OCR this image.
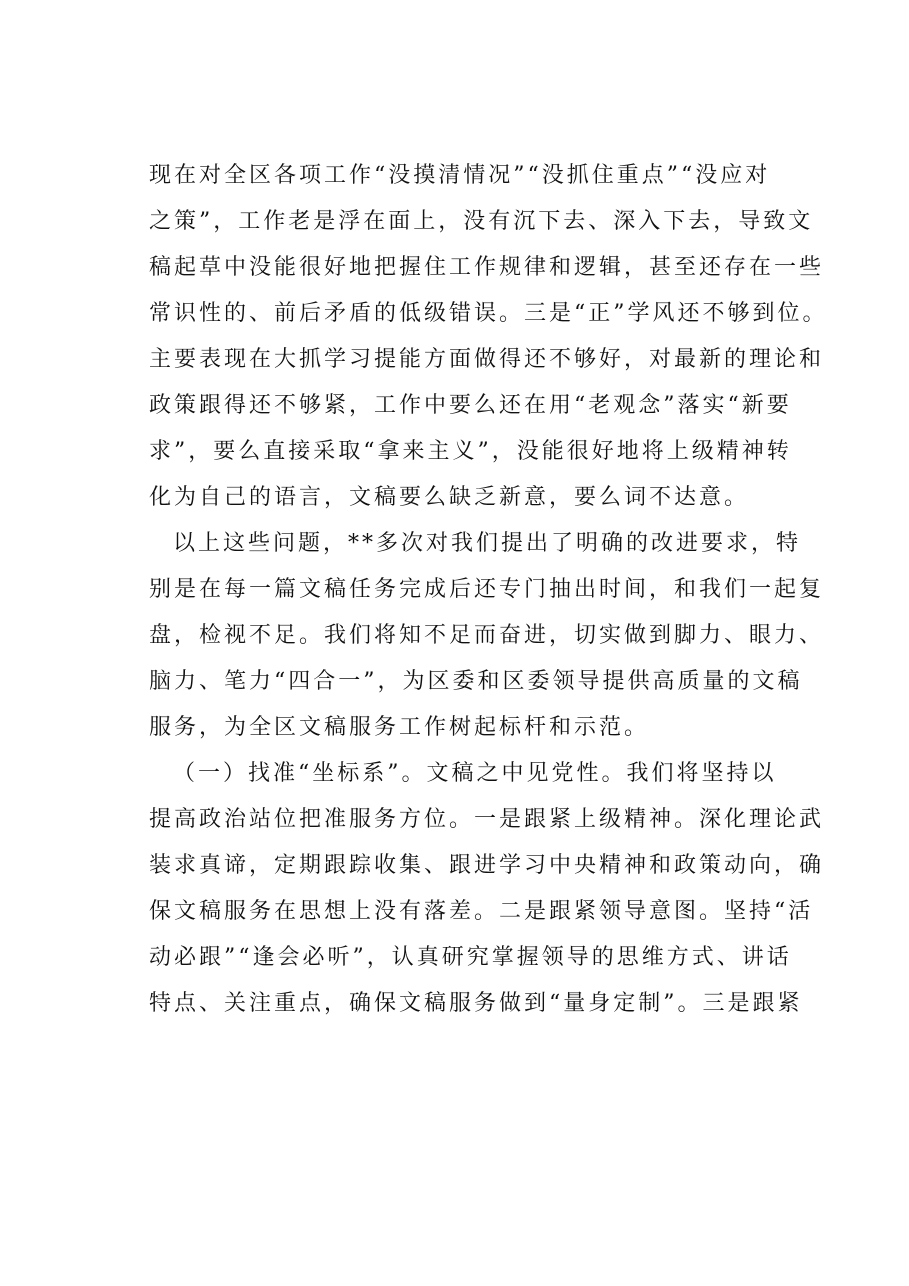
现在对全区各项工作“没摸清情况”“没抓住重点”“没应对
之策”，工作老是浮在面上，没有沉下去、深入下去，导致文
稿起草中没能很好地把握住工作规律和逻辑，甚至还存在一些
常识性的、前后矛盾的低级错误。三是“正”学风还不够到位。
主要表现在大抓学习提能方面做得还不够好，对最新的理论和
政策跟得还不够紧，工作中要么还在用“老观念”落实“新要
求”，要么直接采取“拿来主义”，没能很好地将上级精神转
化为自己的语言，文稿要么缺乏新意，要么词不达意。
以上这些问题，**多次对我们提出了明确的改进要求，特
别是在每一篇文稿任务完成后还专门抽出时间，和我们一起复
盘，检视不足。我们将知不足而奋进，切实做到脚力、眼力、
脑力、笔力“四合一”，为区委和区委领导提供高质量的文稿
服务，为全区文稿服务工作树起标杆和示范。
（一）找准“坐标系”。文稿之中见党性。我们将坚持以
提高政治站位把准服务方位。一是跟紧上级精神。深化理论武
装求真谛，定期跟踪收集、跟进学习中央精神和政策动向，确
保文稿服务在思想上没有落差。二是跟紧领导意图。坚持“活
动必跟”“逢会必听”，认真研究掌握领导的思维方式、讲话
特点、关注重点，确保文稿服务做到“量身定制”。三是跟紧
